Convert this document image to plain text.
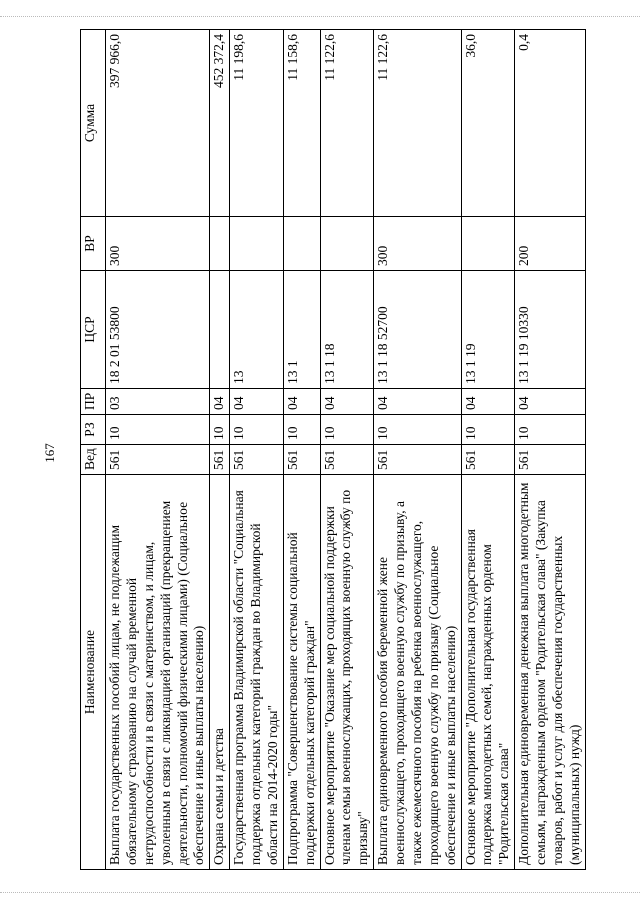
167
Наименование	Вед	РЗ	ПР	ЦСР	ВР	Сумма
Выплата государственных пособий лицам, не подлежащим обязательному страхованию на случай временной нетрудоспособности и в связи с материнством, и лицам, уволенным в связи с ликвидацией организаций (прекращением деятельности, полномочий физическими лицами) (Социальное обеспечение и иные выплаты населению)	561	10	03	18 2 01 53800	300	397 966,0
Охрана семьи и детства	561	10	04			452 372,4
Государственная программа Владимирской области "Социальная поддержка отдельных категорий граждан во Владимирской области на 2014-2020 годы"	561	10	04	13		11 198,6
Подпрограмма "Совершенствование системы социальной поддержки отдельных категорий граждан"	561	10	04	13 1		11 158,6
Основное мероприятие "Оказание мер социальной поддержки членам семьи военнослужащих, проходящих военную службу по призыву"	561	10	04	13 1 18		11 122,6
Выплата единовременного пособия беременной жене военнослужащего, проходящего военную службу по призыву, а также ежемесячного пособия на ребенка военнослужащего, проходящего военную службу по призыву (Социальное обеспечение и иные выплаты населению)	561	10	04	13 1 18 52700	300	11 122,6
Основное мероприятие "Дополнительная государственная поддержка многодетных семей, награжденных орденом "Родительская слава"	561	10	04	13 1 19		36,0
Дополнительная единовременная денежная выплата многодетным семьям, награжденным орденом "Родительская слава" (Закупка товаров, работ и услуг для обеспечения государственных (муниципальных) нужд)	561	10	04	13 1 19 10330	200	0,4
